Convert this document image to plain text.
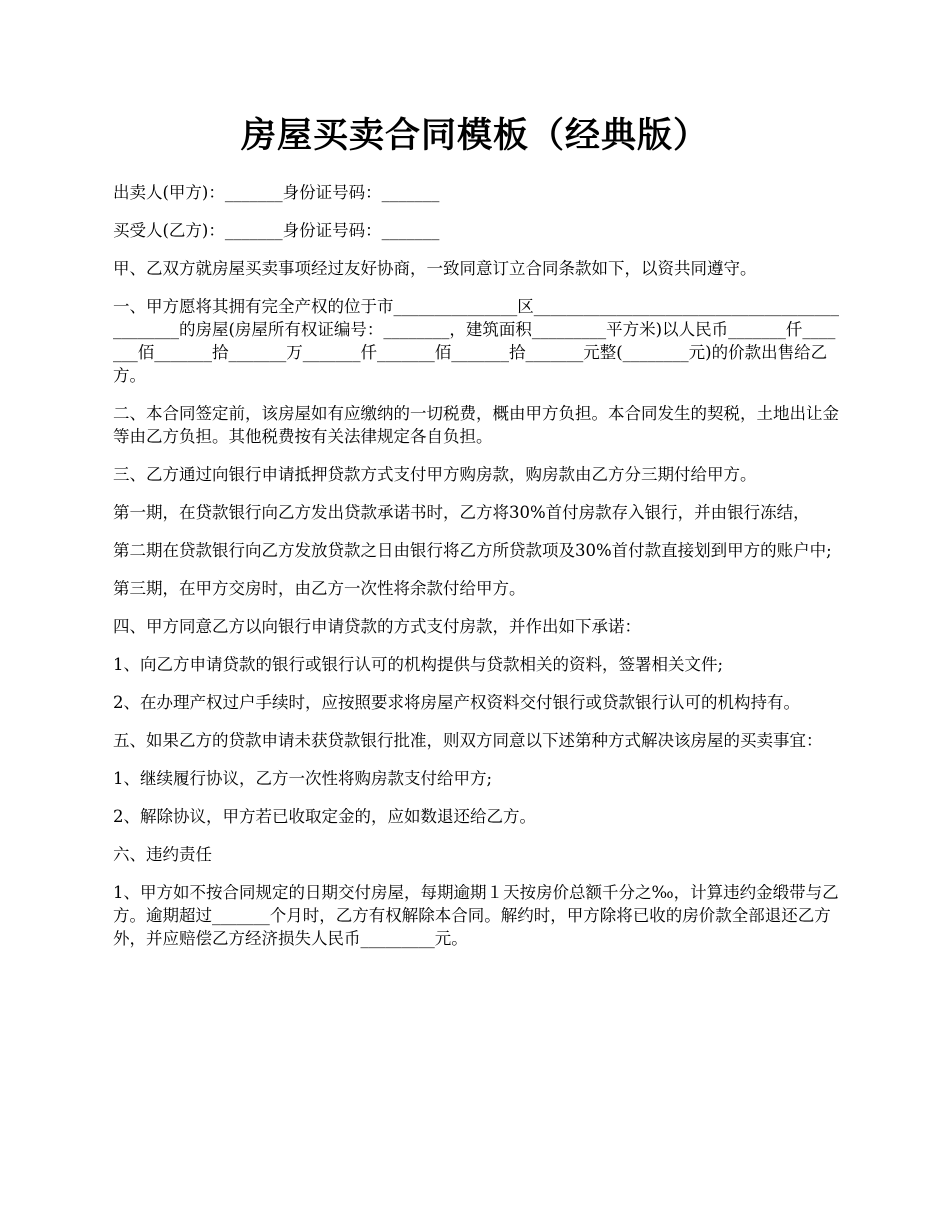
房屋买卖合同模板（经典版）

出卖人(甲方)：_______身份证号码：_______

买受人(乙方)：_______身份证号码：_______

甲、乙双方就房屋买卖事项经过友好协商，一致同意订立合同条款如下，以资共同遵守。

一、甲方愿将其拥有完全产权的位于市_______________区_____________________________________________的房屋(房屋所有权证编号：________，建筑面积_________平方米)以人民币_______仟_______佰_______拾_______万_______仟_______佰_______拾_______元整(________元)的价款出售给乙方。

二、本合同签定前，该房屋如有应缴纳的一切税费，概由甲方负担。本合同发生的契税，土地出让金等由乙方负担。其他税费按有关法律规定各自负担。

三、乙方通过向银行申请抵押贷款方式支付甲方购房款，购房款由乙方分三期付给甲方。

第一期，在贷款银行向乙方发出贷款承诺书时，乙方将30%首付房款存入银行，并由银行冻结，

第二期在贷款银行向乙方发放贷款之日由银行将乙方所贷款项及30%首付款直接划到甲方的账户中;

第三期，在甲方交房时，由乙方一次性将余款付给甲方。

四、甲方同意乙方以向银行申请贷款的方式支付房款，并作出如下承诺：

1、向乙方申请贷款的银行或银行认可的机构提供与贷款相关的资料，签署相关文件;

2、在办理产权过户手续时，应按照要求将房屋产权资料交付银行或贷款银行认可的机构持有。

五、如果乙方的贷款申请未获贷款银行批准，则双方同意以下述第种方式解决该房屋的买卖事宜：

1、继续履行协议，乙方一次性将购房款支付给甲方;

2、解除协议，甲方若已收取定金的，应如数退还给乙方。

六、违约责任

1、甲方如不按合同规定的日期交付房屋，每期逾期１天按房价总额千分之‰，计算违约金缎带与乙方。逾期超过_______个月时，乙方有权解除本合同。解约时，甲方除将已收的房价款全部退还乙方外，并应赔偿乙方经济损失人民币_________元。
